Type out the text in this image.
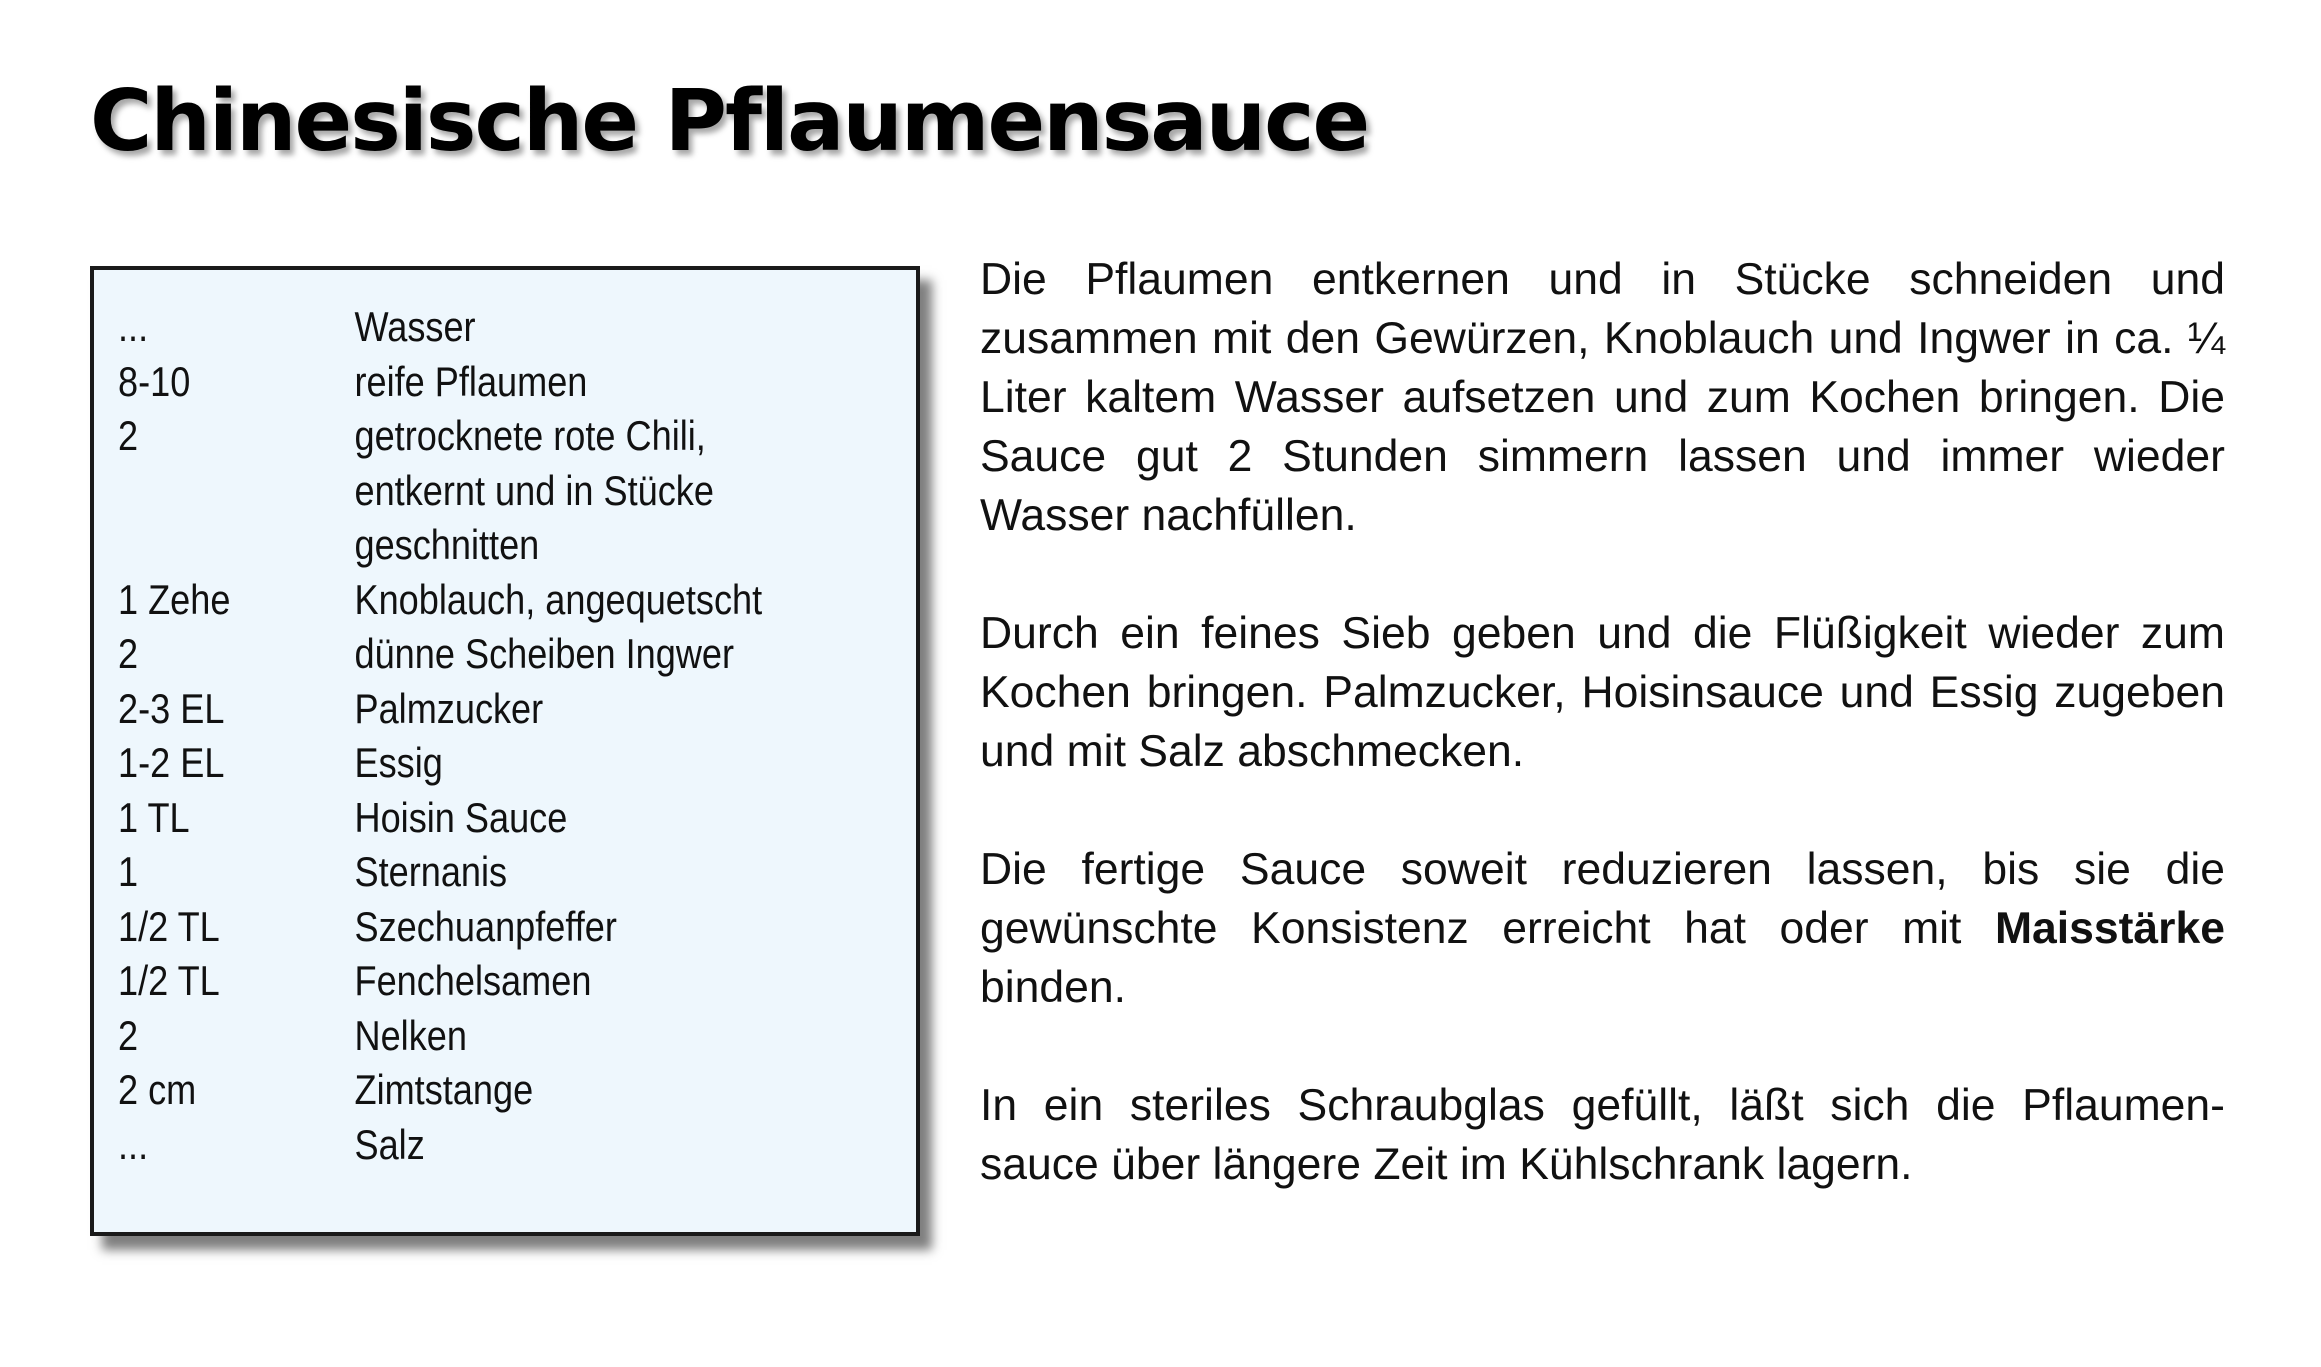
Chinesische Pflaumensauce
...	Wasser
8-10	reife Pflaumen
2	getrocknete rote Chili, entkernt und in Stücke geschnitten
1 Zehe	Knoblauch, angequetscht
2	dünne Scheiben Ingwer
2-3 EL	Palmzucker
1-2 EL	Essig
1 TL	Hoisin Sauce
1	Sternanis
1/2 TL	Szechuanpfeffer
1/2 TL	Fenchelsamen
2	Nelken
2 cm	Zimtstange
...	Salz

Die Pflaumen entkernen und in Stücke schneiden und zusammen mit den Gewürzen, Knoblauch und Ingwer in ca. ¼ Liter kaltem Wasser aufsetzen und zum Kochen bringen. Die Sauce gut 2 Stunden simmern lassen und immer wieder Wasser nachfüllen.

Durch ein feines Sieb geben und die Flüßigkeit wieder zum Kochen bringen. Palmzucker, Hoisinsauce und Essig zugeben und mit Salz abschmecken.

Die fertige Sauce soweit reduzieren lassen, bis sie die gewünschte Konsistenz erreicht hat oder mit Maisstärke binden.

In ein steriles Schraubglas gefüllt, läßt sich die Pflaumen-sauce über längere Zeit im Kühlschrank lagern.
